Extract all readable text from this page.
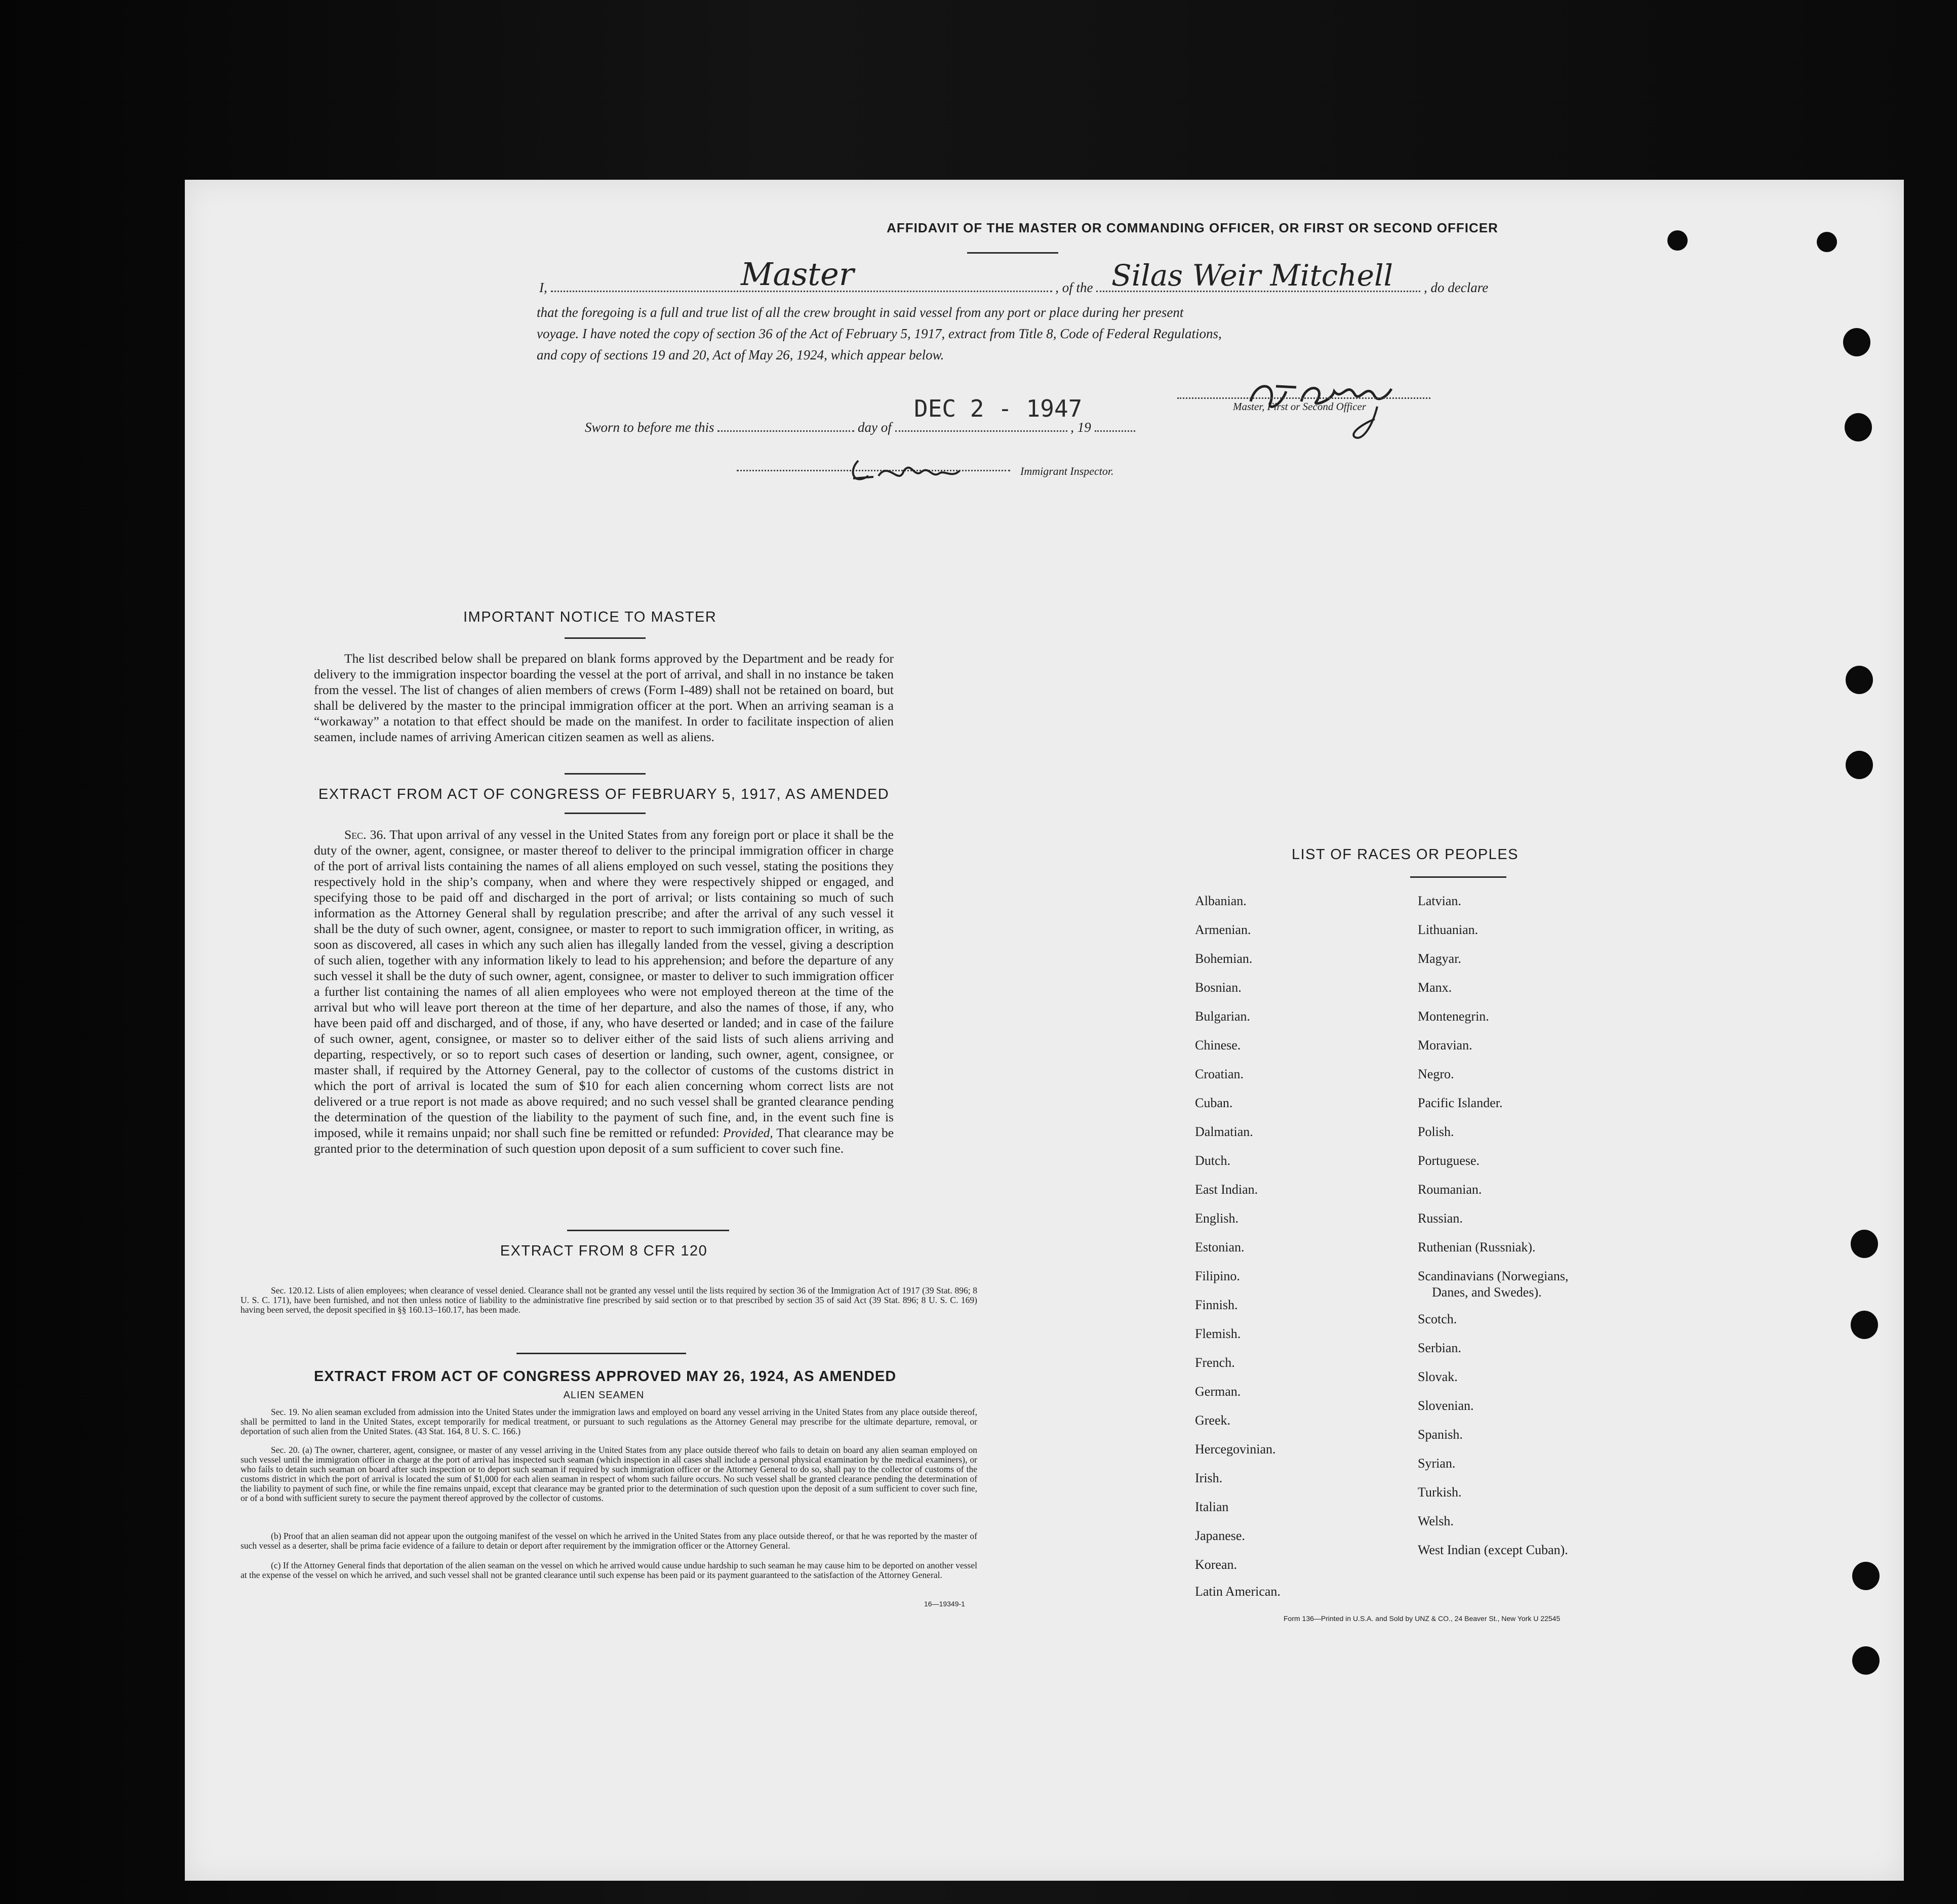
AFFIDAVIT OF THE MASTER OR COMMANDING OFFICER, OR FIRST OR SECOND OFFICER
I,	, of the	, do declare
Master	Silas Weir Mitchell
that the foregoing is a full and true list of all the crew brought in said vessel from any port or place during her present
voyage. I have noted the copy of section 36 of the Act of February 5, 1917, extract from Title 8, Code of Federal Regulations,
and copy of sections 19 and 20, Act of May 26, 1924, which appear below.
Master, First or Second Officer
DEC 2 - 1947
Sworn to before me this	day of	, 19
Immigrant Inspector.
IMPORTANT NOTICE TO MASTER
The list described below shall be prepared on blank forms approved by the Department and be ready for delivery to the immigration inspector boarding the vessel at the port of arrival, and shall in no instance be taken from the vessel. The list of changes of alien members of crews (Form I-489) shall not be retained on board, but shall be delivered by the master to the principal immigration officer at the port. When an arriving seaman is a “workaway” a notation to that effect should be made on the manifest. In order to facilitate inspection of alien seamen, include names of arriving American citizen seamen as well as aliens.
EXTRACT FROM ACT OF CONGRESS OF FEBRUARY 5, 1917, AS AMENDED
Sec. 36. That upon arrival of any vessel in the United States from any foreign port or place it shall be the duty of the owner, agent, consignee, or master thereof to deliver to the principal immigration officer in charge of the port of arrival lists containing the names of all aliens employed on such vessel, stating the positions they respectively hold in the ship’s company, when and where they were respectively shipped or engaged, and specifying those to be paid off and discharged in the port of arrival; or lists containing so much of such information as the Attorney General shall by regulation prescribe; and after the arrival of any such vessel it shall be the duty of such owner, agent, consignee, or master to report to such immigration officer, in writing, as soon as discovered, all cases in which any such alien has illegally landed from the vessel, giving a description of such alien, together with any information likely to lead to his apprehension; and before the departure of any such vessel it shall be the duty of such owner, agent, consignee, or master to deliver to such immigration officer a further list containing the names of all alien employees who were not employed thereon at the time of the arrival but who will leave port thereon at the time of her departure, and also the names of those, if any, who have been paid off and discharged, and of those, if any, who have deserted or landed; and in case of the failure of such owner, agent, consignee, or master so to deliver either of the said lists of such aliens arriving and departing, respectively, or so to report such cases of desertion or landing, such owner, agent, consignee, or master shall, if required by the Attorney General, pay to the collector of customs of the customs district in which the port of arrival is located the sum of $10 for each alien concerning whom correct lists are not delivered or a true report is not made as above required; and no such vessel shall be granted clearance pending the determination of the question of the liability to the payment of such fine, and, in the event such fine is imposed, while it remains unpaid; nor shall such fine be remitted or refunded: Provided, That clearance may be granted prior to the determination of such question upon deposit of a sum sufficient to cover such fine.
EXTRACT FROM 8 CFR 120
Sec. 120.12. Lists of alien employees; when clearance of vessel denied. Clearance shall not be granted any vessel until the lists required by section 36 of the Immigration Act of 1917 (39 Stat. 896; 8 U. S. C. 171), have been furnished, and not then unless notice of liability to the administrative fine prescribed by said section or to that prescribed by section 35 of said Act (39 Stat. 896; 8 U. S. C. 169) having been served, the deposit specified in §§ 160.13–160.17, has been made.
EXTRACT FROM ACT OF CONGRESS APPROVED MAY 26, 1924, AS AMENDED
ALIEN SEAMEN
Sec. 19. No alien seaman excluded from admission into the United States under the immigration laws and employed on board any vessel arriving in the United States from any place outside thereof, shall be permitted to land in the United States, except temporarily for medical treatment, or pursuant to such regulations as the Attorney General may prescribe for the ultimate departure, removal, or deportation of such alien from the United States. (43 Stat. 164, 8 U. S. C. 166.)
Sec. 20. (a) The owner, charterer, agent, consignee, or master of any vessel arriving in the United States from any place outside thereof who fails to detain on board any alien seaman employed on such vessel until the immigration officer in charge at the port of arrival has inspected such seaman (which inspection in all cases shall include a personal physical examination by the medical examiners), or who fails to detain such seaman on board after such inspection or to deport such seaman if required by such immigration officer or the Attorney General to do so, shall pay to the collector of customs of the customs district in which the port of arrival is located the sum of $1,000 for each alien seaman in respect of whom such failure occurs. No such vessel shall be granted clearance pending the determination of the liability to payment of such fine, or while the fine remains unpaid, except that clearance may be granted prior to the determination of such question upon the deposit of a sum sufficient to cover such fine, or of a bond with sufficient surety to secure the payment thereof approved by the collector of customs.
(b) Proof that an alien seaman did not appear upon the outgoing manifest of the vessel on which he arrived in the United States from any place outside thereof, or that he was reported by the master of such vessel as a deserter, shall be prima facie evidence of a failure to detain or deport after requirement by the immigration officer or the Attorney General.
(c) If the Attorney General finds that deportation of the alien seaman on the vessel on which he arrived would cause undue hardship to such seaman he may cause him to be deported on another vessel at the expense of the vessel on which he arrived, and such vessel shall not be granted clearance until such expense has been paid or its payment guaranteed to the satisfaction of the Attorney General.
16—19349-1
LIST OF RACES OR PEOPLES
Albanian.
Armenian.
Bohemian.
Bosnian.
Bulgarian.
Chinese.
Croatian.
Cuban.
Dalmatian.
Dutch.
East Indian.
English.
Estonian.
Filipino.
Finnish.
Flemish.
French.
German.
Greek.
Hercegovinian.
Irish.
Italian
Japanese.
Korean.
Latin American.
Latvian.
Lithuanian.
Magyar.
Manx.
Montenegrin.
Moravian.
Negro.
Pacific Islander.
Polish.
Portuguese.
Roumanian.
Russian.
Ruthenian (Russniak).
Scandinavians (Norwegians,
Danes, and Swedes).
Scotch.
Serbian.
Slovak.
Slovenian.
Spanish.
Syrian.
Turkish.
Welsh.
West Indian (except Cuban).
Form 136—Printed in U.S.A. and Sold by UNZ & CO., 24 Beaver St., New York U 22545
